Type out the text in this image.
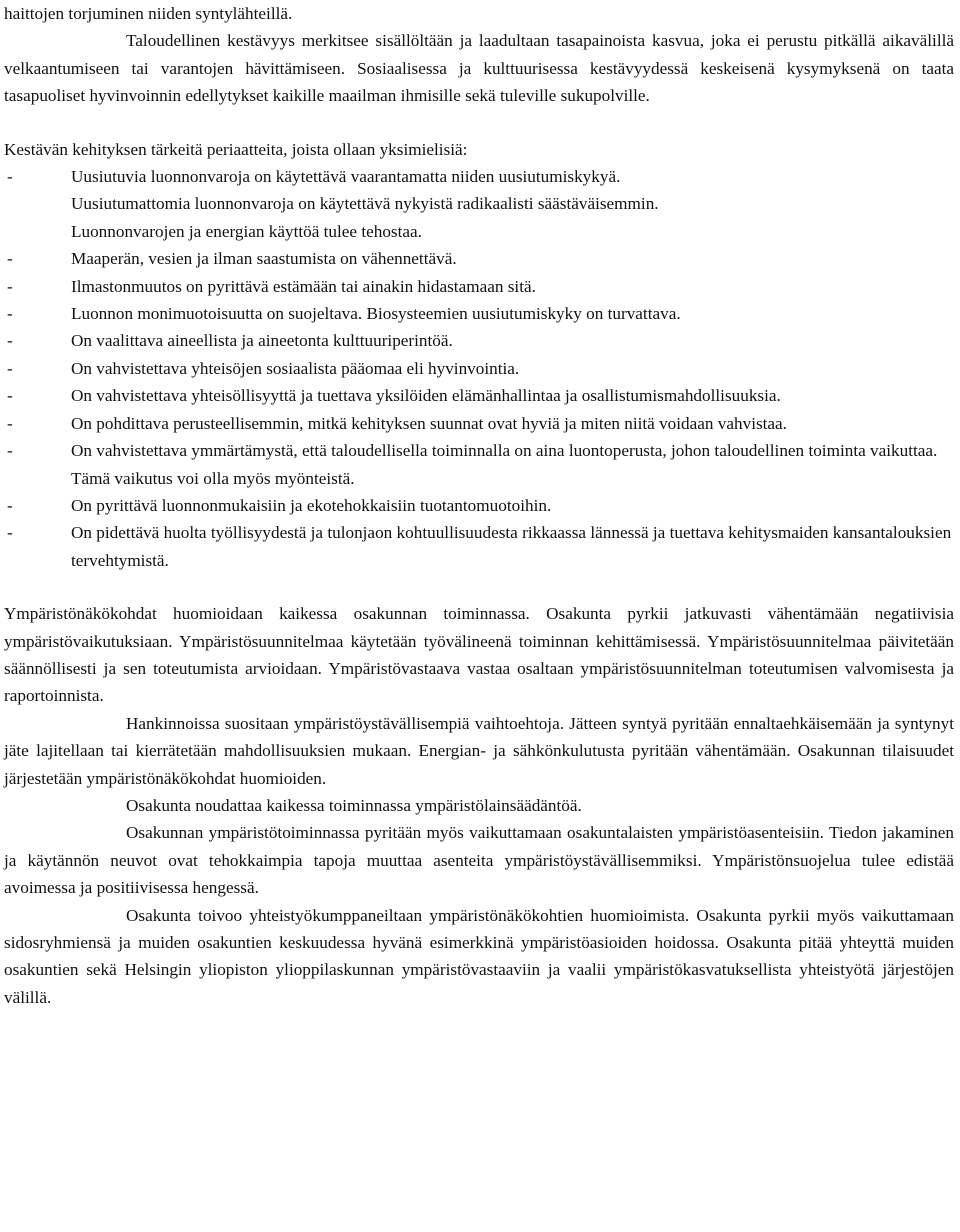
haittojen torjuminen niiden syntylähteillä.

Taloudellinen kestävyys merkitsee sisällöltään ja laadultaan tasapainoista kasvua, joka ei perustu pitkällä aikavälillä velkaantumiseen tai varantojen hävittämiseen. Sosiaalisessa ja kulttuurisessa kestävyydessä keskeisenä kysymyksenä on taata tasapuoliset hyvinvoinnin edellytykset kaikille maailman ihmisille sekä tuleville sukupolville.

Kestävän kehityksen tärkeitä periaatteita, joista ollaan yksimielisiä:

-	Uusiutuvia luonnonvaroja on käytettävä vaarantamatta niiden uusiutumiskykyä.
Uusiutumattomia luonnonvaroja on käytettävä nykyistä radikaalisti säästäväisemmin.
Luonnonvarojen ja energian käyttöä tulee tehostaa.
-	Maaperän, vesien ja ilman saastumista on vähennettävä.
-	Ilmastonmuutos on pyrittävä estämään tai ainakin hidastamaan sitä.
-	Luonnon monimuotoisuutta on suojeltava. Biosysteemien uusiutumiskyky on turvattava.
-	On vaalittava aineellista ja aineetonta kulttuuriperintöä.
-	On vahvistettava yhteisöjen sosiaalista pääomaa eli hyvinvointia.
-	On vahvistettava yhteisöllisyyttä ja tuettava yksilöiden elämänhallintaa ja osallistumismahdollisuuksia.
-	On pohdittava perusteellisemmin, mitkä kehityksen suunnat ovat hyviä ja miten niitä voidaan vahvistaa.
-	On vahvistettava ymmärtämystä, että taloudellisella toiminnalla on aina luontoperusta, johon taloudellinen toiminta vaikuttaa. Tämä vaikutus voi olla myös myönteistä.
-	On pyrittävä luonnonmukaisiin ja ekotehokkaisiin tuotantomuotoihin.
-	On pidettävä huolta työllisyydestä ja tulonjaon kohtuullisuudesta rikkaassa lännessä ja tuettava kehitysmaiden kansantalouksien tervehtymistä.

Ympäristönäkökohdat huomioidaan kaikessa osakunnan toiminnassa. Osakunta pyrkii jatkuvasti vähentämään negatiivisia ympäristövaikutuksiaan. Ympäristösuunnitelmaa käytetään työvälineenä toiminnan kehittämisessä. Ympäristösuunnitelmaa päivitetään säännöllisesti ja sen toteutumista arvioidaan. Ympäristövastaava vastaa osaltaan ympäristösuunnitelman toteutumisen valvomisesta ja raportoinnista.

Hankinnoissa suositaan ympäristöystävällisempiä vaihtoehtoja. Jätteen syntyä pyritään ennaltaehkäisemään ja syntynyt jäte lajitellaan tai kierrätetään mahdollisuuksien mukaan. Energian- ja sähkönkulutusta pyritään vähentämään. Osakunnan tilaisuudet järjestetään ympäristönäkökohdat huomioiden.

Osakunta noudattaa kaikessa toiminnassa ympäristölainsäädäntöä.

Osakunnan ympäristötoiminnassa pyritään myös vaikuttamaan osakuntalaisten ympäristöasenteisiin. Tiedon jakaminen ja käytännön neuvot ovat tehokkaimpia tapoja muuttaa asenteita ympäristöystävällisemmiksi. Ympäristönsuojelua tulee edistää avoimessa ja positiivisessa hengessä.

Osakunta toivoo yhteistyökumppaneiltaan ympäristönäkökohtien huomioimista. Osakunta pyrkii myös vaikuttamaan sidosryhmiensä ja muiden osakuntien keskuudessa hyvänä esimerkkinä ympäristöasioiden hoidossa. Osakunta pitää yhteyttä muiden osakuntien sekä Helsingin yliopiston ylioppilaskunnan ympäristövastaaviin ja vaalii ympäristökasvatuksellista yhteistyötä järjestöjen välillä.
